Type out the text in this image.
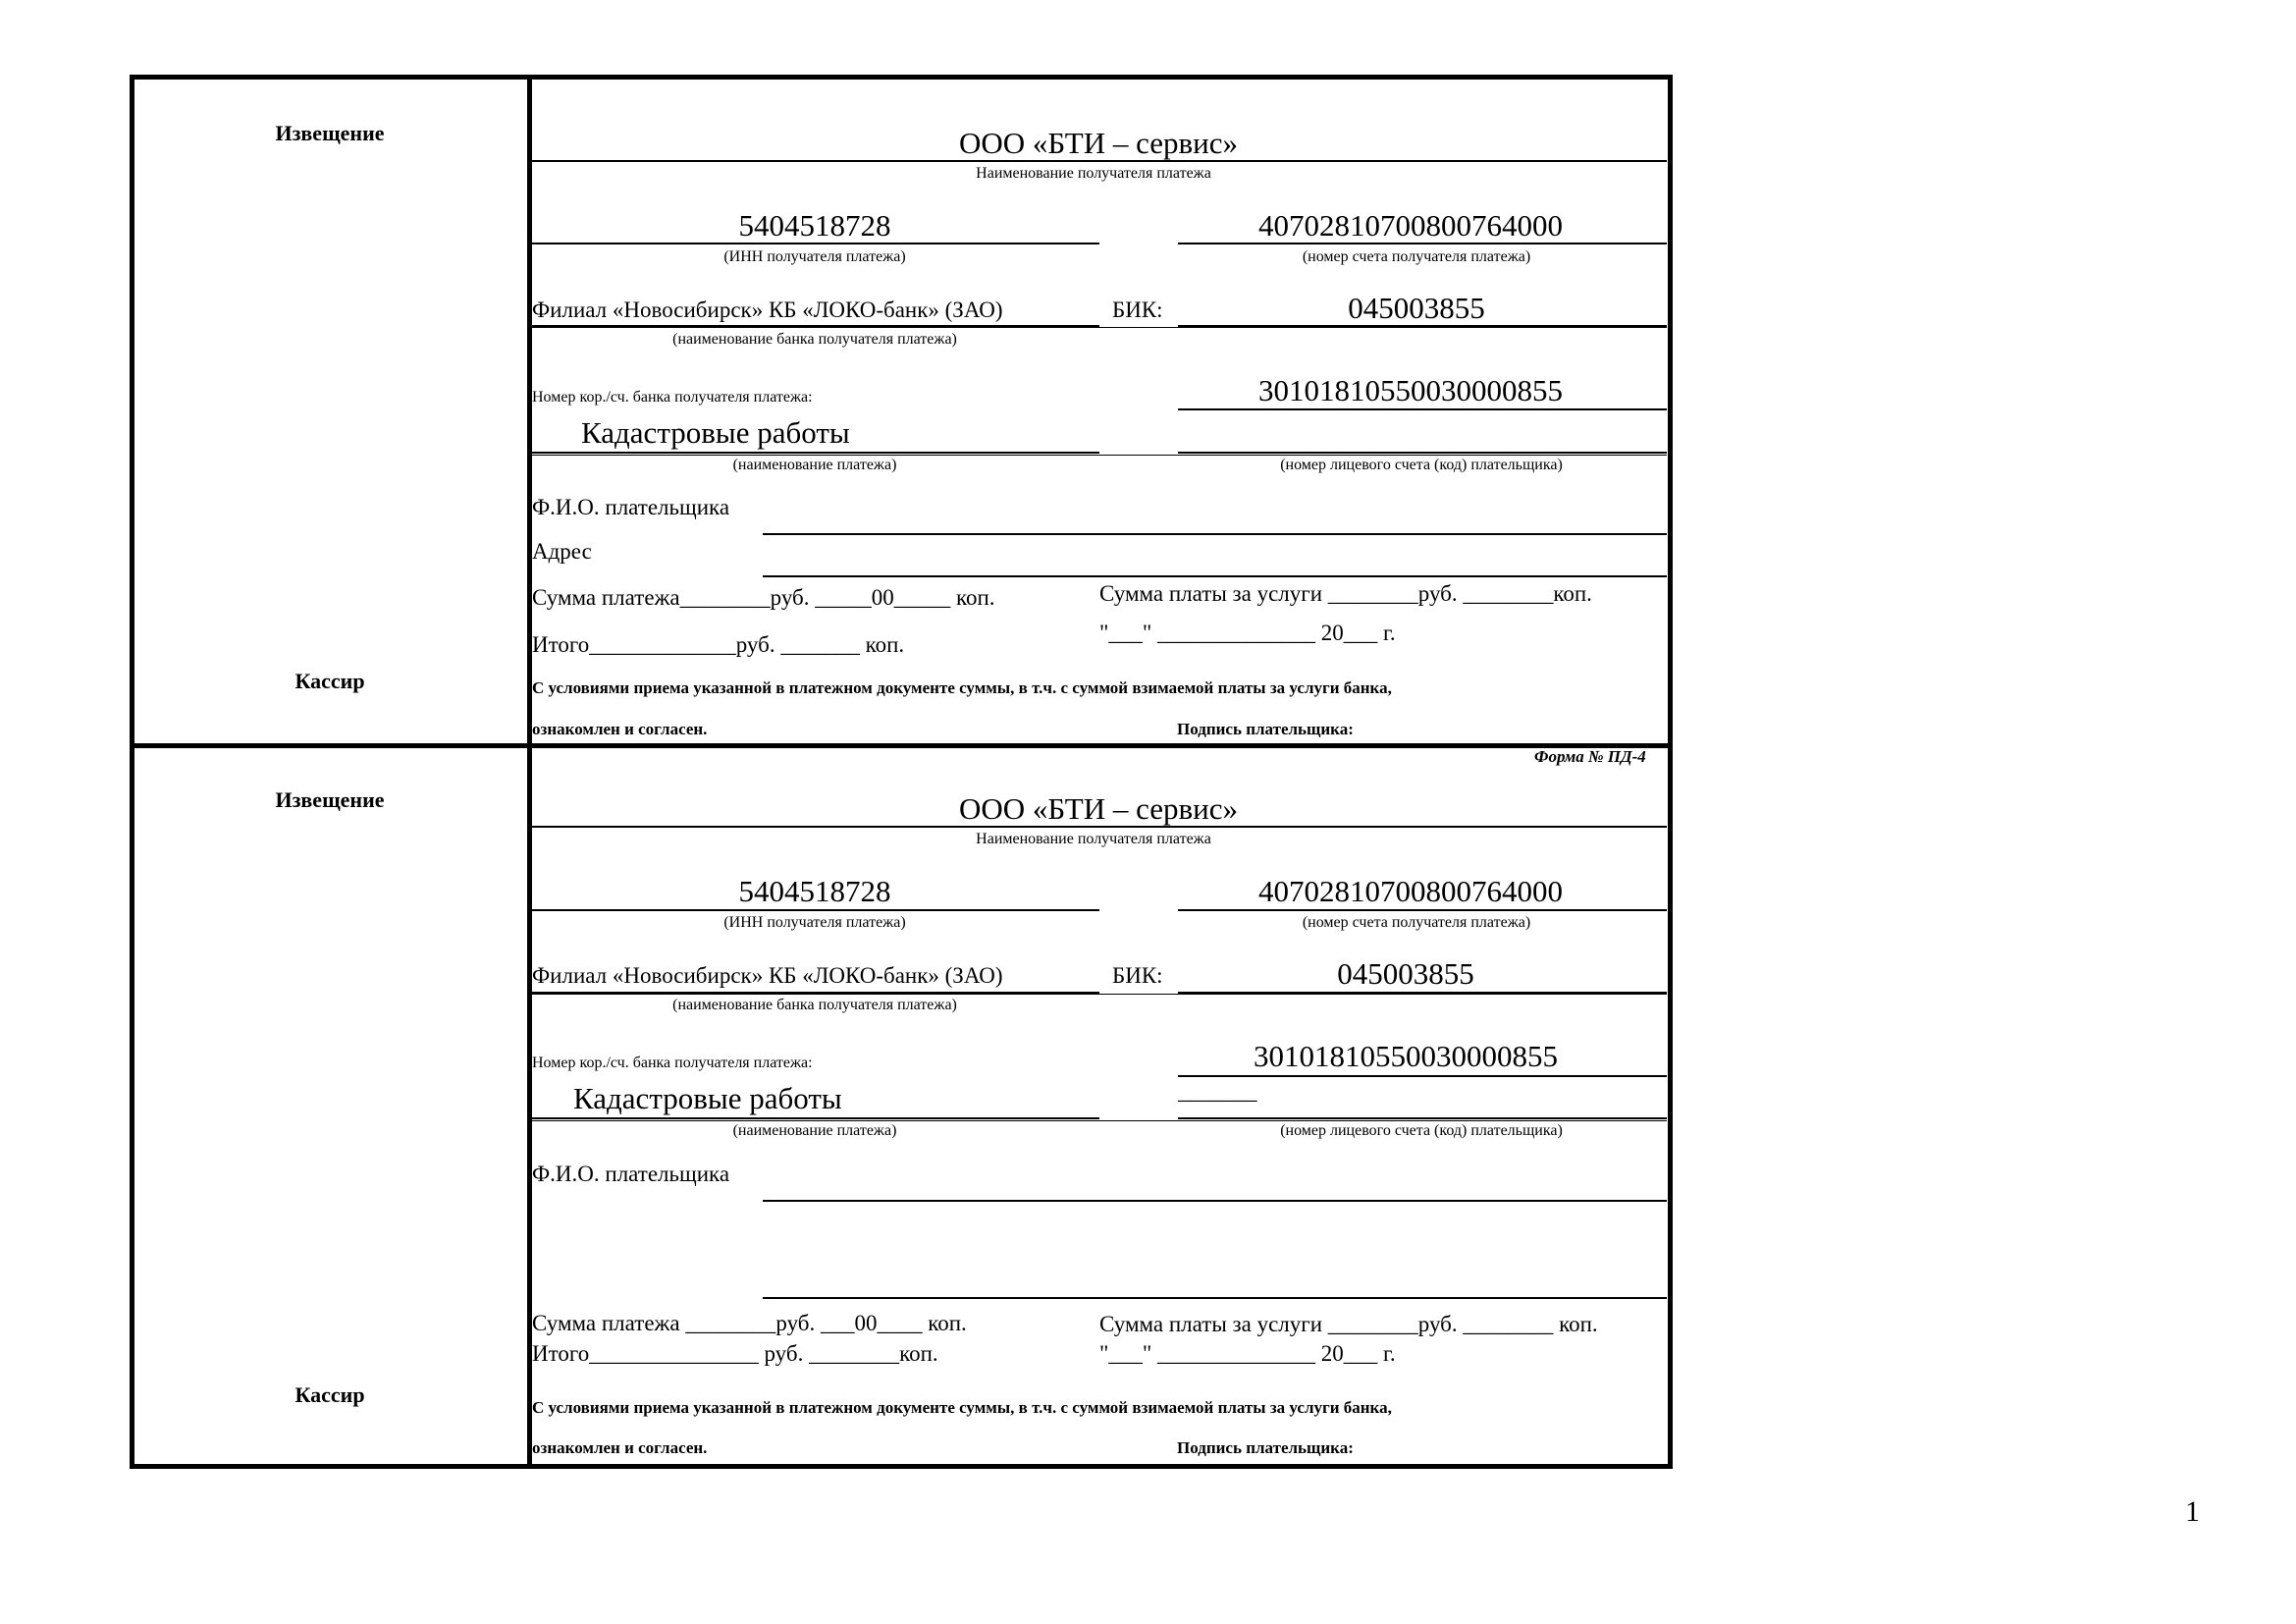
Извещение
Кассир
ООО «БТИ – сервис»
Наименование получателя платежа
5404518728
(ИНН получателя платежа)
40702810700800764000
(номер счета получателя платежа)
Филиал «Новосибирск» КБ «ЛОКО-банк» (ЗАО)	БИК:	045003855
(наименование банка получателя платежа)
Номер кор./сч. банка получателя платежа:	30101810550030000855
Кадастровые работы
(наименование платежа)	(номер лицевого счета (код) плательщика)
Ф.И.О. плательщика
Адрес
Сумма платежа________руб. _____00_____ коп.	Сумма платы за услуги ________руб. ________коп.
Итого_____________руб. _______ коп.	"___" ______________ 20___ г.
С условиями приема указанной в платежном документе суммы, в т.ч. с суммой взимаемой платы за услуги банка,
ознакомлен и согласен.	Подпись плательщика:
Форма № ПД-4
Извещение
Кассир
ООО «БТИ – сервис»
Наименование получателя платежа
5404518728
(ИНН получателя платежа)
40702810700800764000
(номер счета получателя платежа)
Филиал «Новосибирск» КБ «ЛОКО-банк» (ЗАО)	БИК:	045003855
(наименование банка получателя платежа)
Номер кор./сч. банка получателя платежа:	30101810550030000855
Кадастровые работы	_______
(наименование платежа)	(номер лицевого счета (код) плательщика)
Ф.И.О. плательщика
Сумма платежа ________руб. ___00____ коп.	Сумма платы за услуги ________руб. ________ коп.
Итого_______________ руб. ________коп.	"___" ______________ 20___ г.
С условиями приема указанной в платежном документе суммы, в т.ч. с суммой взимаемой платы за услуги банка,
ознакомлен и согласен.	Подпись плательщика:
1
